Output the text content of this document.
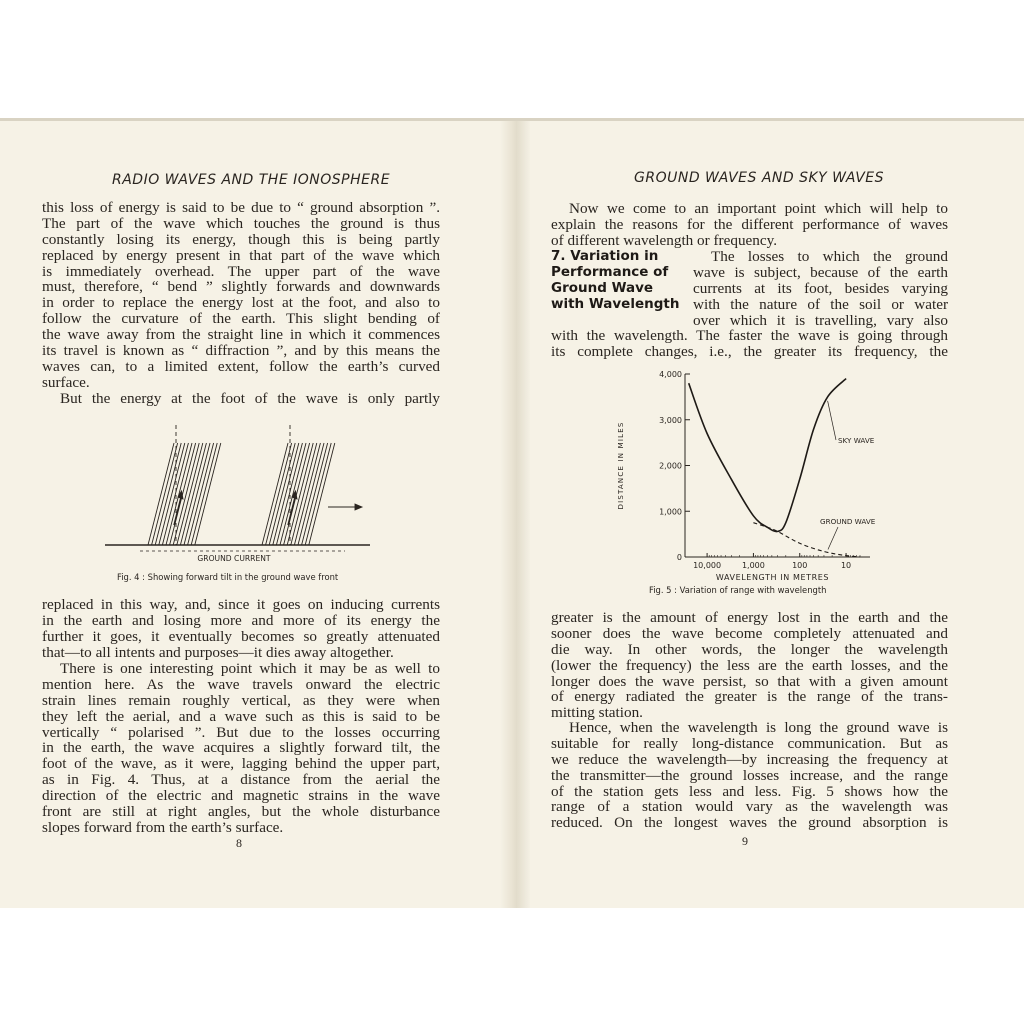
RADIO WAVES AND THE IONOSPHERE
this loss of energy is said to be due to “ ground absorption ”.
The part of the wave which touches the ground is thus
constantly losing its energy, though this is being partly
replaced by energy present in that part of the wave which
is immediately overhead. The upper part of the wave
must, therefore, “ bend ” slightly forwards and downwards
in order to replace the energy lost at the foot, and also to
follow the curvature of the earth. This slight bending of
the wave away from the straight line in which it commences
its travel is known as “ diffraction ”, and by this means the
waves can, to a limited extent, follow the earth’s curved
surface.
But the energy at the foot of the wave is only partly
GROUND CURRENT
Fig. 4 : Showing forward tilt in the ground wave front
replaced in this way, and, since it goes on inducing currents
in the earth and losing more and more of its energy the
further it goes, it eventually becomes so greatly attenuated
that—to all intents and purposes—it dies away altogether.
There is one interesting point which it may be as well to
mention here. As the wave travels onward the electric
strain lines remain roughly vertical, as they were when
they left the aerial, and a wave such as this is said to be
vertically “ polarised ”. But due to the losses occurring
in the earth, the wave acquires a slightly forward tilt, the
foot of the wave, as it were, lagging behind the upper part,
as in Fig. 4. Thus, at a distance from the aerial the
direction of the electric and magnetic strains in the wave
front are still at right angles, but the whole disturbance
slopes forward from the earth’s surface.
8
GROUND WAVES AND SKY WAVES
Now we come to an important point which will help to
explain the reasons for the different performance of waves
of different wavelength or frequency.
7. Variation in
Performance of
Ground Wave
with Wavelength
The losses to which the ground
wave is subject, because of the earth
currents at its foot, besides varying
with the nature of the soil or water
over which it is travelling, vary also
with the wavelength. The faster the wave is going through
its complete changes, i.e., the greater its frequency, the
0
1,000
2,000
3,000
4,000
10,000	1,000	100	10
WAVELENGTH IN METRES
DISTANCE IN MILES	SKY WAVE
GROUND WAVE
Fig. 5 : Variation of range with wavelength
greater is the amount of energy lost in the earth and the
sooner does the wave become completely attenuated and
die way. In other words, the longer the wavelength
(lower the frequency) the less are the earth losses, and the
longer does the wave persist, so that with a given amount
of energy radiated the greater is the range of the trans-
mitting station.
Hence, when the wavelength is long the ground wave is
suitable for really long-distance communication. But as
we reduce the wavelength—by increasing the frequency at
the transmitter—the ground losses increase, and the range
of the station gets less and less. Fig. 5 shows how the
range of a station would vary as the wavelength was
reduced. On the longest waves the ground absorption is
9
